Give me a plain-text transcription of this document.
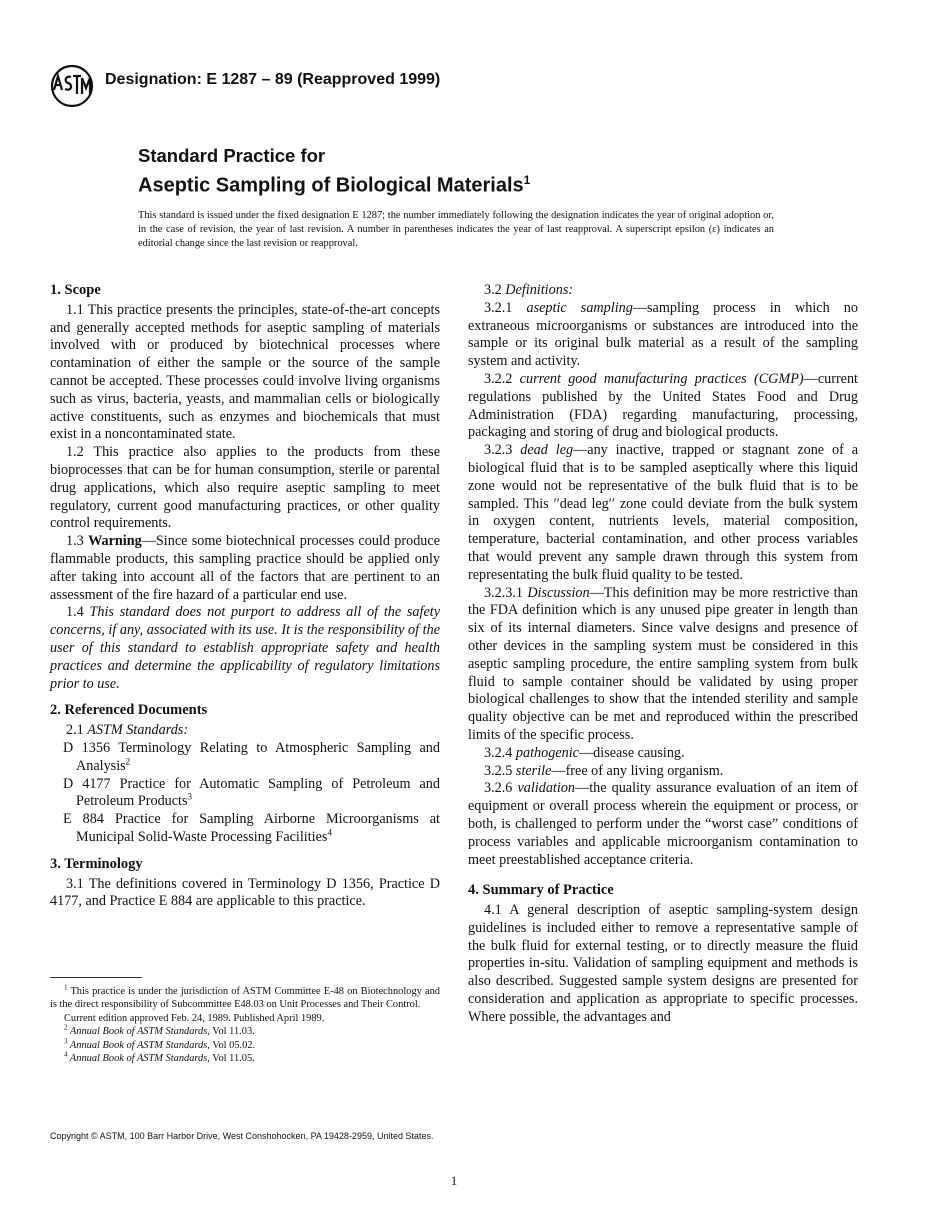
Designation: E 1287 – 89 (Reapproved 1999)
Standard Practice for
Aseptic Sampling of Biological Materials$^1$
This standard is issued under the fixed designation E 1287; the number immediately following the designation indicates the year of original adoption or, in the case of revision, the year of last revision. A number in parentheses indicates the year of last reapproval. A superscript epsilon (ε) indicates an editorial change since the last revision or reapproval.
1. Scope

1.1 This practice presents the principles, state-of-the-art concepts and generally accepted methods for aseptic sampling of materials involved with or produced by biotechnical processes where contamination of either the sample or the source of the sample cannot be accepted. These processes could involve living organisms such as virus, bacteria, yeasts, and mammalian cells or biologically active constituents, such as enzymes and biochemicals that must exist in a noncontaminated state.

1.2 This practice also applies to the products from these bioprocesses that can be for human consumption, sterile or parental drug applications, which also require aseptic sampling to meet regulatory, current good manufacturing practices, or other quality control requirements.

1.3 Warning—Since some biotechnical processes could produce flammable products, this sampling practice should be applied only after taking into account all of the factors that are pertinent to an assessment of the fire hazard of a particular end use.

1.4 This standard does not purport to address all of the safety concerns, if any, associated with its use. It is the responsibility of the user of this standard to establish appropriate safety and health practices and determine the applicability of regulatory limitations prior to use.

2. Referenced Documents

2.1 ASTM Standards:

D 1356 Terminology Relating to Atmospheric Sampling and Analysis$^2$

D 4177 Practice for Automatic Sampling of Petroleum and Petroleum Products$^3$

E 884 Practice for Sampling Airborne Microorganisms at Municipal Solid-Waste Processing Facilities$^4$

3. Terminology

3.1 The definitions covered in Terminology D 1356, Practice D 4177, and Practice E 884 are applicable to this practice.

$^1$ This practice is under the jurisdiction of ASTM Committee E-48 on Biotechnology and is the direct responsibility of Subcommittee E48.03 on Unit Processes and Their Control.

Current edition approved Feb. 24, 1989. Published April 1989.

$^2$ Annual Book of ASTM Standards, Vol 11.03.

$^3$ Annual Book of ASTM Standards, Vol 05.02.

$^4$ Annual Book of ASTM Standards, Vol 11.05.

3.2 Definitions:

3.2.1 aseptic sampling—sampling process in which no extraneous microorganisms or substances are introduced into the sample or its original bulk material as a result of the sampling system and activity.

3.2.2 current good manufacturing practices (CGMP)—current regulations published by the United States Food and Drug Administration (FDA) regarding manufacturing, processing, packaging and storing of drug and biological products.

3.2.3 dead leg—any inactive, trapped or stagnant zone of a biological fluid that is to be sampled aseptically where this liquid zone would not be representative of the bulk fluid that is to be sampled. This ′′dead leg′′ zone could deviate from the bulk system in oxygen content, nutrients levels, material composition, temperature, bacterial contamination, and other process variables that would prevent any sample drawn through this system from representating the bulk fluid quality to be tested.

3.2.3.1 Discussion—This definition may be more restrictive than the FDA definition which is any unused pipe greater in length than six of its internal diameters. Since valve designs and presence of other devices in the sampling system must be considered in this aseptic sampling procedure, the entire sampling system from bulk fluid to sample container should be validated by using proper biological challenges to show that the intended sterility and sample quality objective can be met and reproduced within the prescribed limits of the specific process.

3.2.4 pathogenic—disease causing.

3.2.5 sterile—free of any living organism.

3.2.6 validation—the quality assurance evaluation of an item of equipment or overall process wherein the equipment or process, or both, is challenged to perform under the “worst case” conditions of process variables and applicable microorganism contamination to meet preestablished acceptance criteria.

4. Summary of Practice

4.1 A general description of aseptic sampling-system design guidelines is included either to remove a representative sample of the bulk fluid for external testing, or to directly measure the fluid properties in-situ. Validation of sampling equipment and methods is also described. Suggested sample system designs are presented for consideration and application as appropriate to specific processes. Where possible, the advantages and

Copyright © ASTM, 100 Barr Harbor Drive, West Conshohocken, PA 19428-2959, United States.
1
